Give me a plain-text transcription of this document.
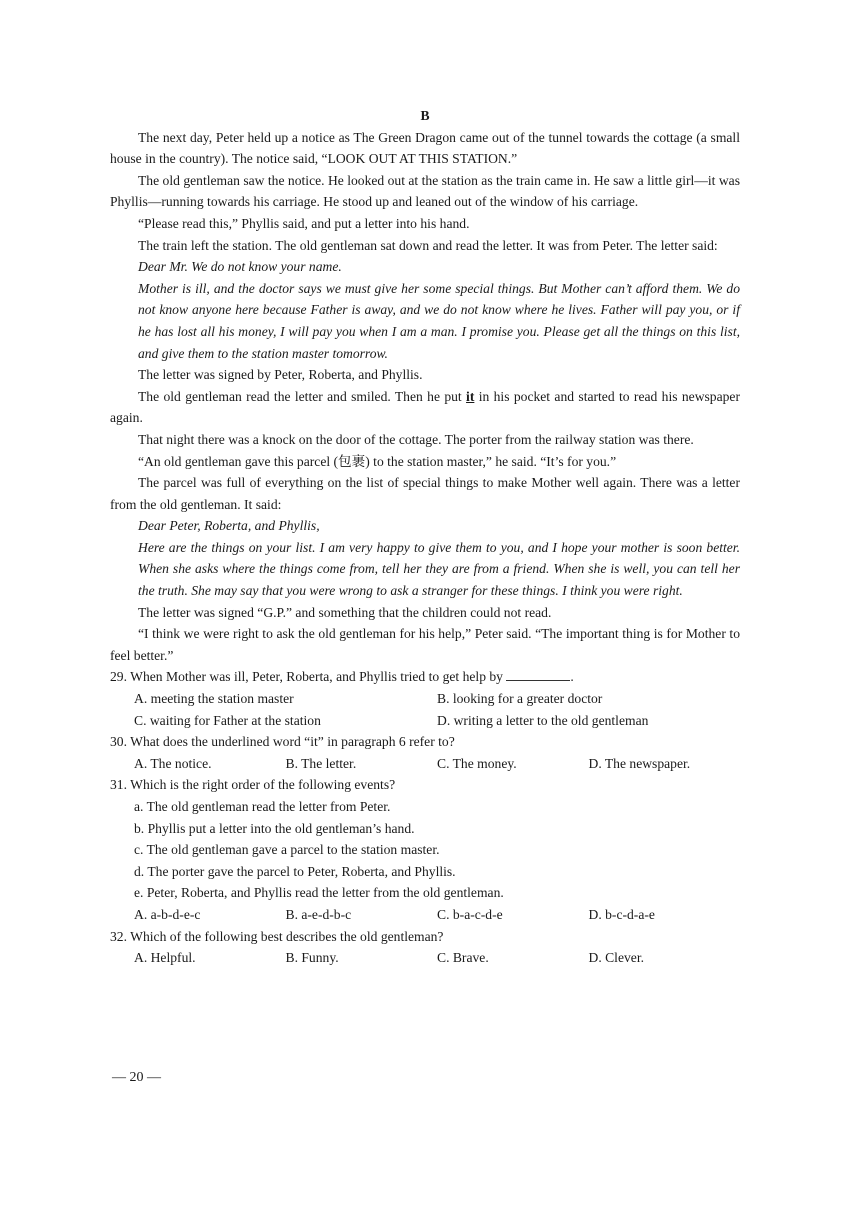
B

The next day, Peter held up a notice as The Green Dragon came out of the tunnel towards the cottage (a small house in the country). The notice said, “LOOK OUT AT THIS STATION.”

The old gentleman saw the notice. He looked out at the station as the train came in. He saw a little girl—it was Phyllis—running towards his carriage. He stood up and leaned out of the window of his carriage.

“Please read this,” Phyllis said, and put a letter into his hand.

The train left the station. The old gentleman sat down and read the letter. It was from Peter. The letter said:

Dear Mr. We do not know your name.

Mother is ill, and the doctor says we must give her some special things. But Mother can’t afford them. We do not know anyone here because Father is away, and we do not know where he lives. Father will pay you, or if he has lost all his money, I will pay you when I am a man. I promise you. Please get all the things on this list, and give them to the station master tomorrow.

The letter was signed by Peter, Roberta, and Phyllis.

The old gentleman read the letter and smiled. Then he put it in his pocket and started to read his newspaper again.

That night there was a knock on the door of the cottage. The porter from the railway station was there.

“An old gentleman gave this parcel (包裹) to the station master,” he said. “It’s for you.”

The parcel was full of everything on the list of special things to make Mother well again. There was a letter from the old gentleman. It said:

Dear Peter, Roberta, and Phyllis,

Here are the things on your list. I am very happy to give them to you, and I hope your mother is soon better. When she asks where the things come from, tell her they are from a friend. When she is well, you can tell her the truth. She may say that you were wrong to ask a stranger for these things. I think you were right.

The letter was signed “G.P.” and something that the children could not read.

“I think we were right to ask the old gentleman for his help,” Peter said. “The important thing is for Mother to feel better.”

29. When Mother was ill, Peter, Roberta, and Phyllis tried to get help by	.

A. meeting the station master	B. looking for a greater doctor
C. waiting for Father at the station	D. writing a letter to the old gentleman

30. What does the underlined word “it” in paragraph 6 refer to?

A. The notice.	B. The letter.	C. The money.	D. The newspaper.

31. Which is the right order of the following events?

a. The old gentleman read the letter from Peter.
b. Phyllis put a letter into the old gentleman’s hand.
c. The old gentleman gave a parcel to the station master.
d. The porter gave the parcel to Peter, Roberta, and Phyllis.
e. Peter, Roberta, and Phyllis read the letter from the old gentleman.
A. a-b-d-e-c	B. a-e-d-b-c	C. b-a-c-d-e	D. b-c-d-a-e

32. Which of the following best describes the old gentleman?

A. Helpful.	B. Funny.	C. Brave.	D. Clever.
— 20 —
